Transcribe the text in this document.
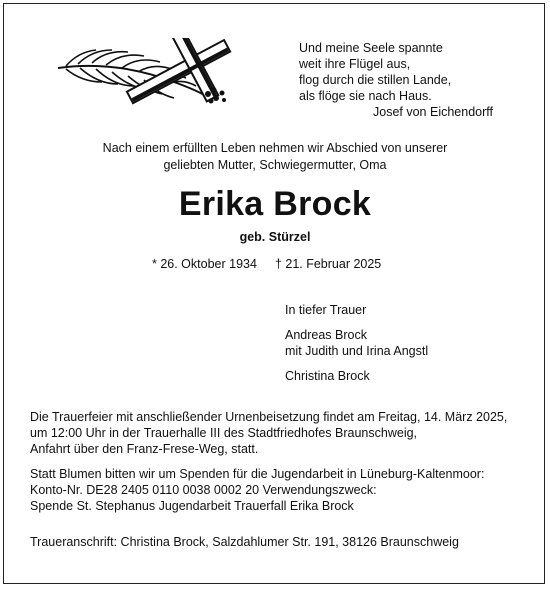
Und meine Seele spannte
weit ihre Flügel aus,
flog durch die stillen Lande,
als flöge sie nach Haus.
Josef von Eichendorff
Nach einem erfüllten Leben nehmen wir Abschied von unserer
geliebten Mutter, Schwiegermutter, Oma
Erika Brock
geb. Stürzel
* 26. Oktober 1934 † 21. Februar 2025
In tiefer Trauer
Andreas Brock
mit Judith und Irina Angstl
Christina Brock
Die Trauerfeier mit anschließender Urnenbeisetzung findet am Freitag, 14. März 2025,
um 12:00 Uhr in der Trauerhalle III des Stadtfriedhofes Braunschweig,
Anfahrt über den Franz-Frese-Weg, statt.
Statt Blumen bitten wir um Spenden für die Jugendarbeit in Lüneburg-Kaltenmoor:
Konto-Nr. DE28 2405 0110 0038 0002 20 Verwendungszweck:
Spende St. Stephanus Jugendarbeit Trauerfall Erika Brock
Traueranschrift: Christina Brock, Salzdahlumer Str. 191, 38126 Braunschweig
